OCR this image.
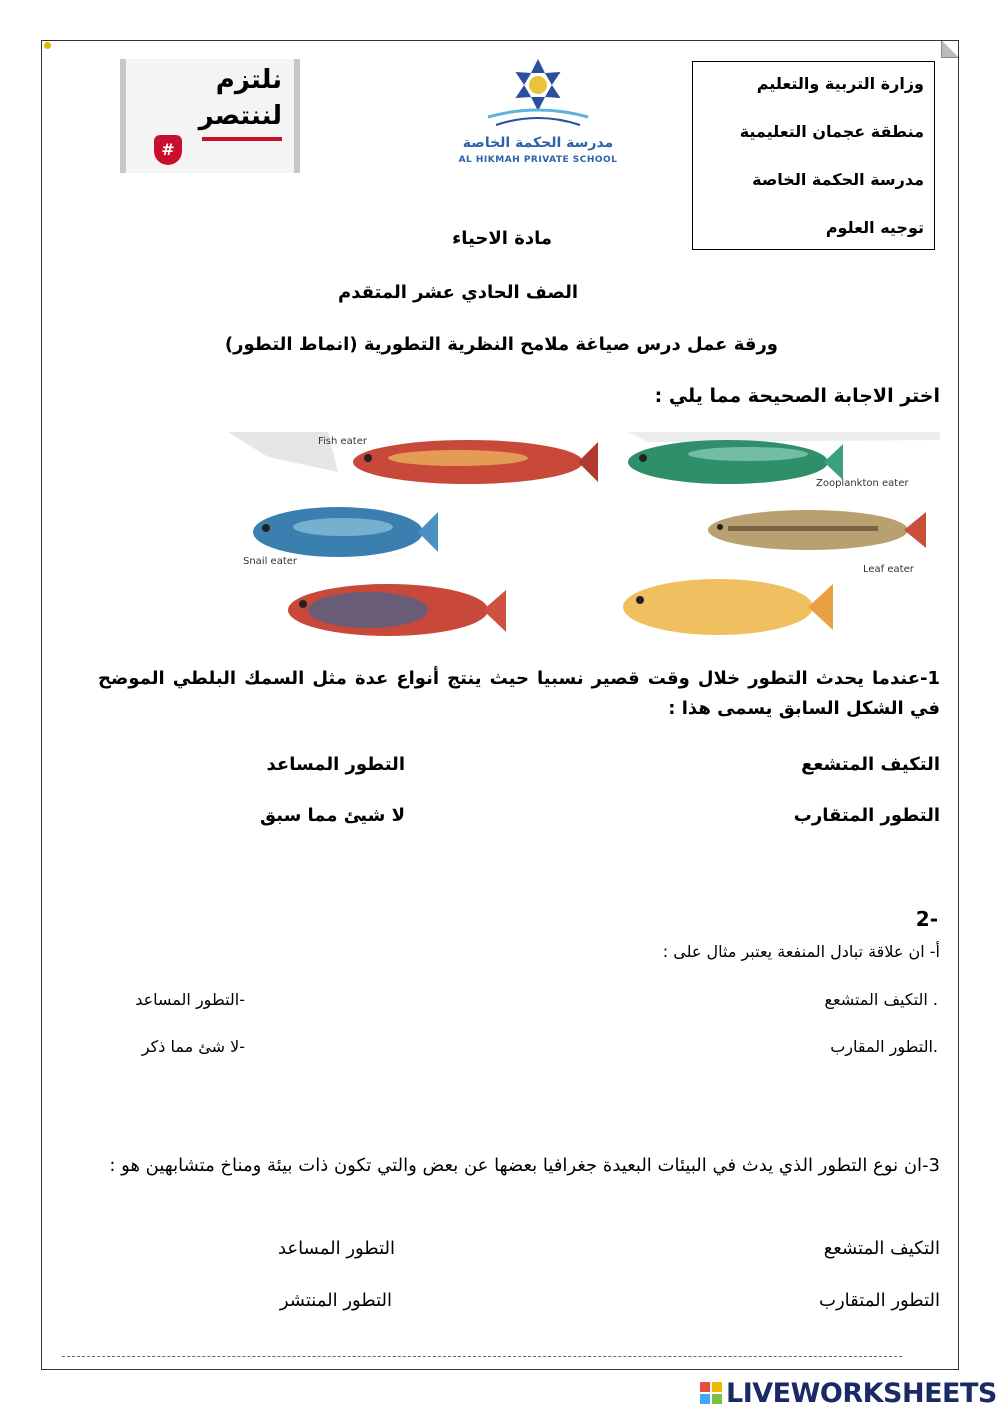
وزارة التربية والتعليم
منطقة عجمان التعليمية
مدرسة الحكمة الخاصة
توجيه العلوم
مدرسة الحكمة الخاصة
AL HIKMAH PRIVATE SCHOOL
نلتزم
لننتصر
#
مادة الاحياء
الصف الحادي عشر المتقدم
ورقة عمل درس صياغة ملامح النظرية التطورية (انماط التطور)
اختر الاجابة الصحيحة مما يلي :
Fish eater
Zooplankton eater
Snail eater
Leaf eater
1-عندما يحدث التطور خلال وقت قصير نسبيا حيث ينتج أنواع عدة مثل السمك البلطي الموضح في الشكل السابق يسمى هذا :
التكيف المتشعع
التطور المساعد
التطور المتقارب
لا شيئ مما سبق
-2
أ- ان علاقة تبادل المنفعة يعتبر مثال على :
. التكيف المتشعع
-التطور المساعد
.التطور المقارب
-لا شئ مما ذكر
3-ان نوع التطور الذي يدث في البيئات البعيدة جغرافيا بعضها عن بعض والتي تكون ذات بيئة ومناخ متشابهين هو :
التكيف المتشعع
التطور المساعد
التطور المتقارب
التطور المنتشر
LIVEWORKSHEETS
